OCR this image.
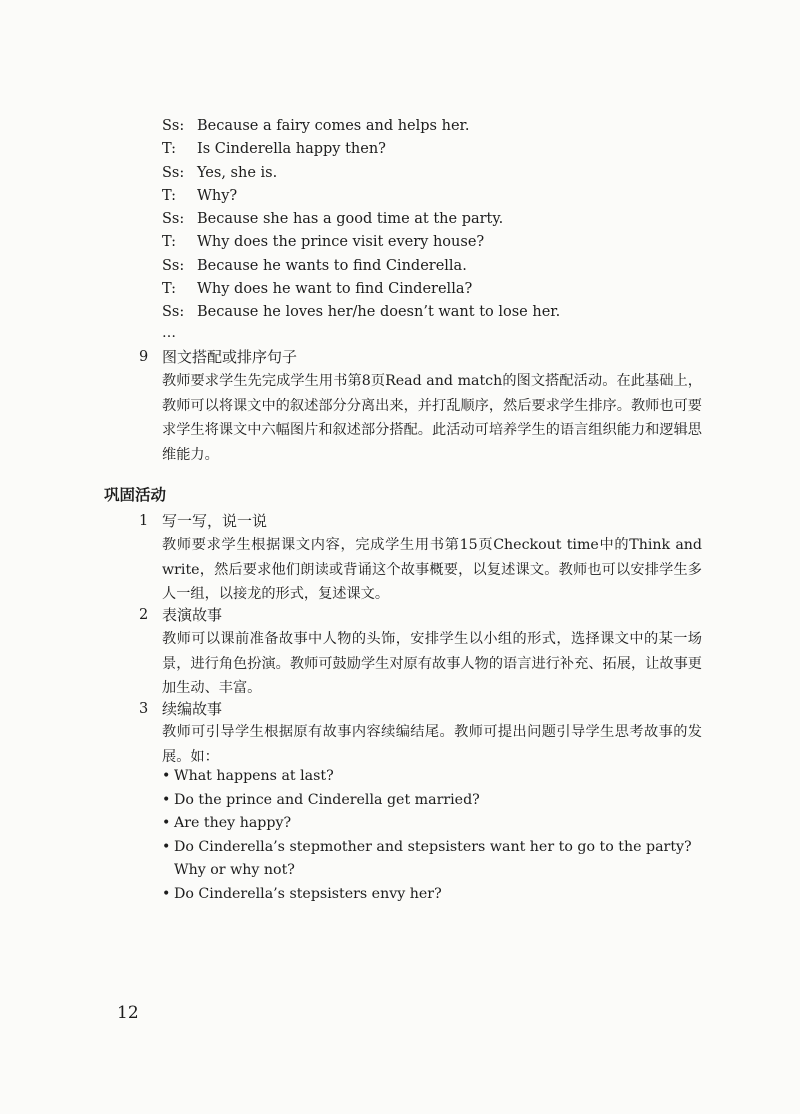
Ss: Because a fairy comes and helps her.
T: Is Cinderella happy then?
Ss: Yes, she is.
T: Why?
Ss: Because she has a good time at the party.
T: Why does the prince visit every house?
Ss: Because he wants to find Cinderella.
T: Why does he want to find Cinderella?
Ss: Because he loves her/he doesn’t want to lose her.
…
9 图文搭配或排序句子
教师要求学生先完成学生用书第8页Read and match的图文搭配活动。在此基础上，教师可以将课文中的叙述部分分离出来，并打乱顺序，然后要求学生排序。教师也可要求学生将课文中六幅图片和叙述部分搭配。此活动可培养学生的语言组织能力和逻辑思维能力。
巩固活动
1 写一写，说一说
教师要求学生根据课文内容，完成学生用书第15页Checkout time中的Think and write，然后要求他们朗读或背诵这个故事概要，以复述课文。教师也可以安排学生多人一组，以接龙的形式，复述课文。
2 表演故事
教师可以课前准备故事中人物的头饰，安排学生以小组的形式，选择课文中的某一场景，进行角色扮演。教师可鼓励学生对原有故事人物的语言进行补充、拓展，让故事更加生动、丰富。
3 续编故事
教师可引导学生根据原有故事内容续编结尾。教师可提出问题引导学生思考故事的发展。如：
• What happens at last?
• Do the prince and Cinderella get married?
• Are they happy?
• Do Cinderella’s stepmother and stepsisters want her to go to the party?
Why or why not?
• Do Cinderella’s stepsisters envy her?
12
